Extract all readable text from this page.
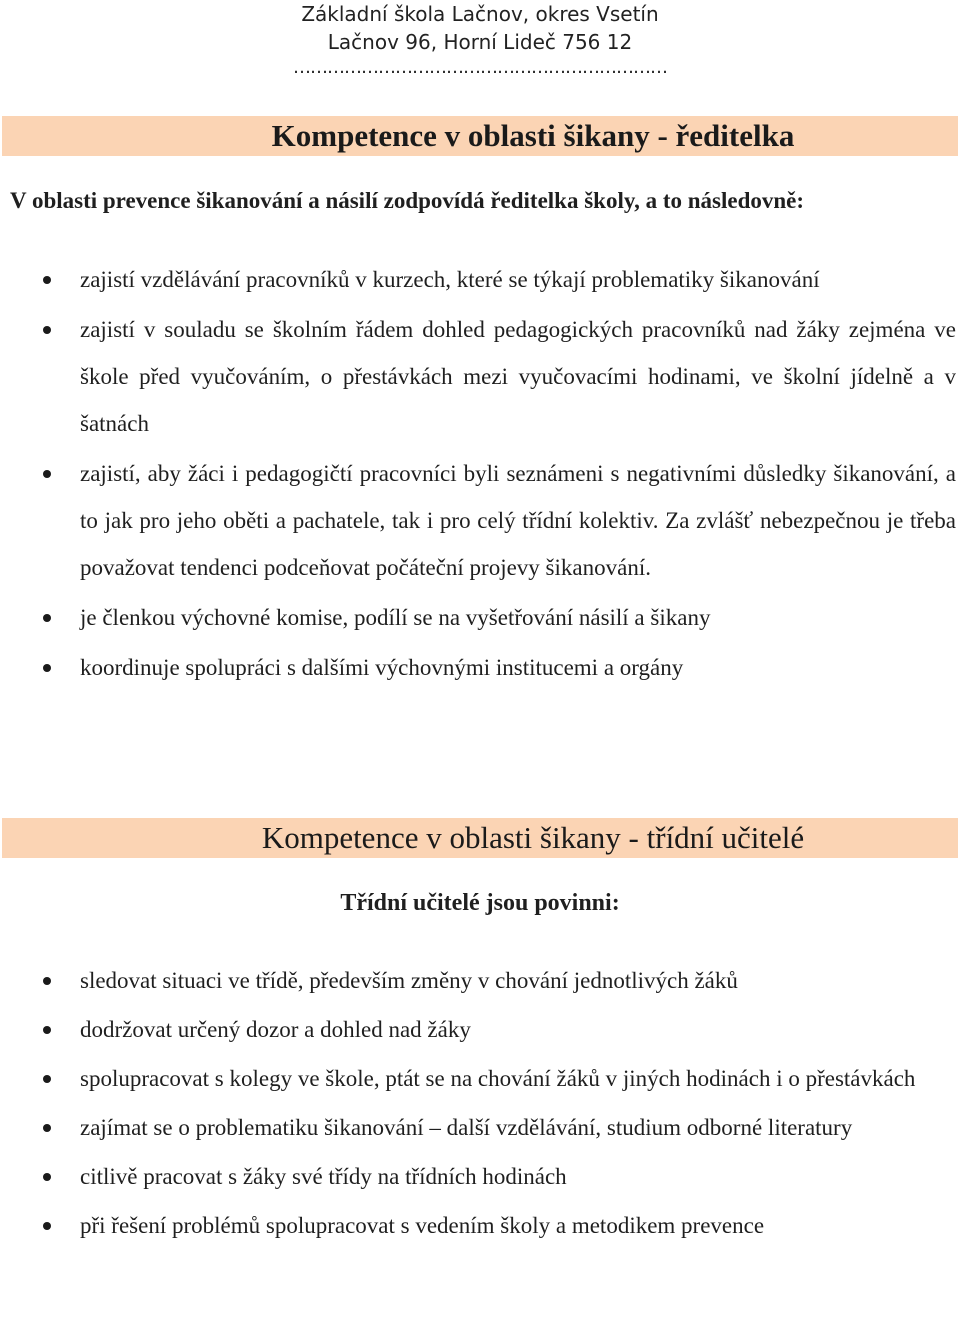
Základní škola Lačnov, okres Vsetín
Lačnov 96, Horní Lideč 756 12
…………………………………………………………
Kompetence v oblasti šikany - ředitelka
V oblasti prevence šikanování a násilí zodpovídá ředitelka školy, a to následovně:
zajistí vzdělávání pracovníků v kurzech, které se týkají problematiky šikanování
zajistí v souladu se školním řádem dohled pedagogických pracovníků nad žáky zejména ve škole před vyučováním, o přestávkách mezi vyučovacími hodinami, ve školní jídelně a v šatnách
zajistí, aby žáci i pedagogičtí pracovníci byli seznámeni s negativními důsledky šikanování, a to jak pro jeho oběti a pachatele, tak i pro celý třídní kolektiv. Za zvlášť nebezpečnou je třeba považovat tendenci podceňovat počáteční projevy šikanování.
je členkou výchovné komise, podílí se na vyšetřování násilí a šikany
koordinuje spolupráci s dalšími výchovnými institucemi a orgány
Kompetence v oblasti šikany - třídní učitelé
Třídní učitelé jsou povinni:
sledovat situaci ve třídě, především změny v chování jednotlivých žáků
dodržovat určený dozor a dohled nad žáky
spolupracovat s kolegy ve škole, ptát se na chování žáků v jiných hodinách i o přestávkách
zajímat se o problematiku šikanování – další vzdělávání, studium odborné literatury
citlivě pracovat s žáky své třídy na třídních hodinách
při řešení problémů spolupracovat s vedením školy a metodikem prevence
